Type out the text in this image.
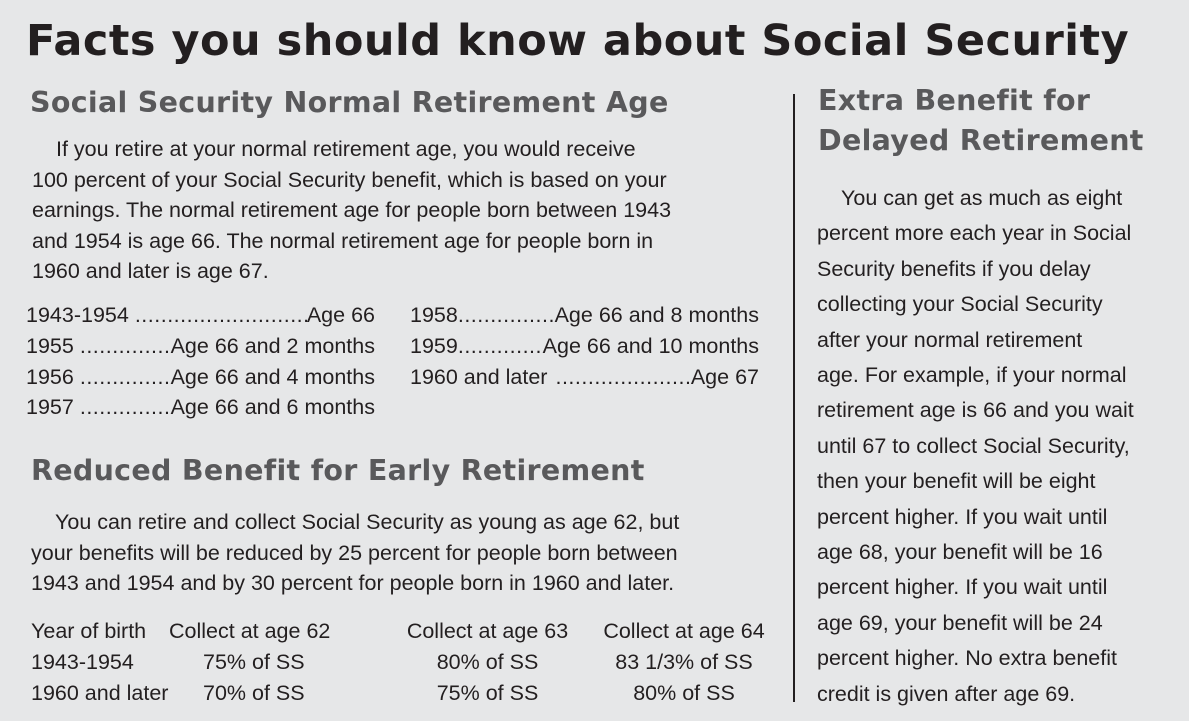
Facts you should know about Social Security
Social Security Normal Retirement Age

If you retire at your normal retirement age, you would receive
100 percent of your Social Security benefit, which is based on your
earnings. The normal retirement age for people born between 1943
and 1954 is age 66. The normal retirement age for people born in
1960 and later is age 67.

1943-1954 .....	Age 66
1955 .....	Age 66 and 2 months
1956 .....	Age 66 and 4 months
1957 .....	Age 66 and 6 months
1958 .....	Age 66 and 8 months
1959 .....	Age 66 and 10 months
1960 and later .....	Age 67
Reduced Benefit for Early Retirement

You can retire and collect Social Security as young as age 62, but
your benefits will be reduced by 25 percent for people born between
1943 and 1954 and by 30 percent for people born in 1960 and later.

Year of birth	Collect at age 62	Collect at age 63	Collect at age 64
1943-1954	75% of SS	80% of SS	83 1/3% of SS
1960 and later	70% of SS	75% of SS	80% of SS
Extra Benefit for
Delayed Retirement
You can get as much as eight
percent more each year in Social
Security benefits if you delay
collecting your Social Security
after your normal retirement
age. For example, if your normal
retirement age is 66 and you wait
until 67 to collect Social Security,
then your benefit will be eight
percent higher. If you wait until
age 68, your benefit will be 16
percent higher. If you wait until
age 69, your benefit will be 24
percent higher. No extra benefit
credit is given after age 69.
